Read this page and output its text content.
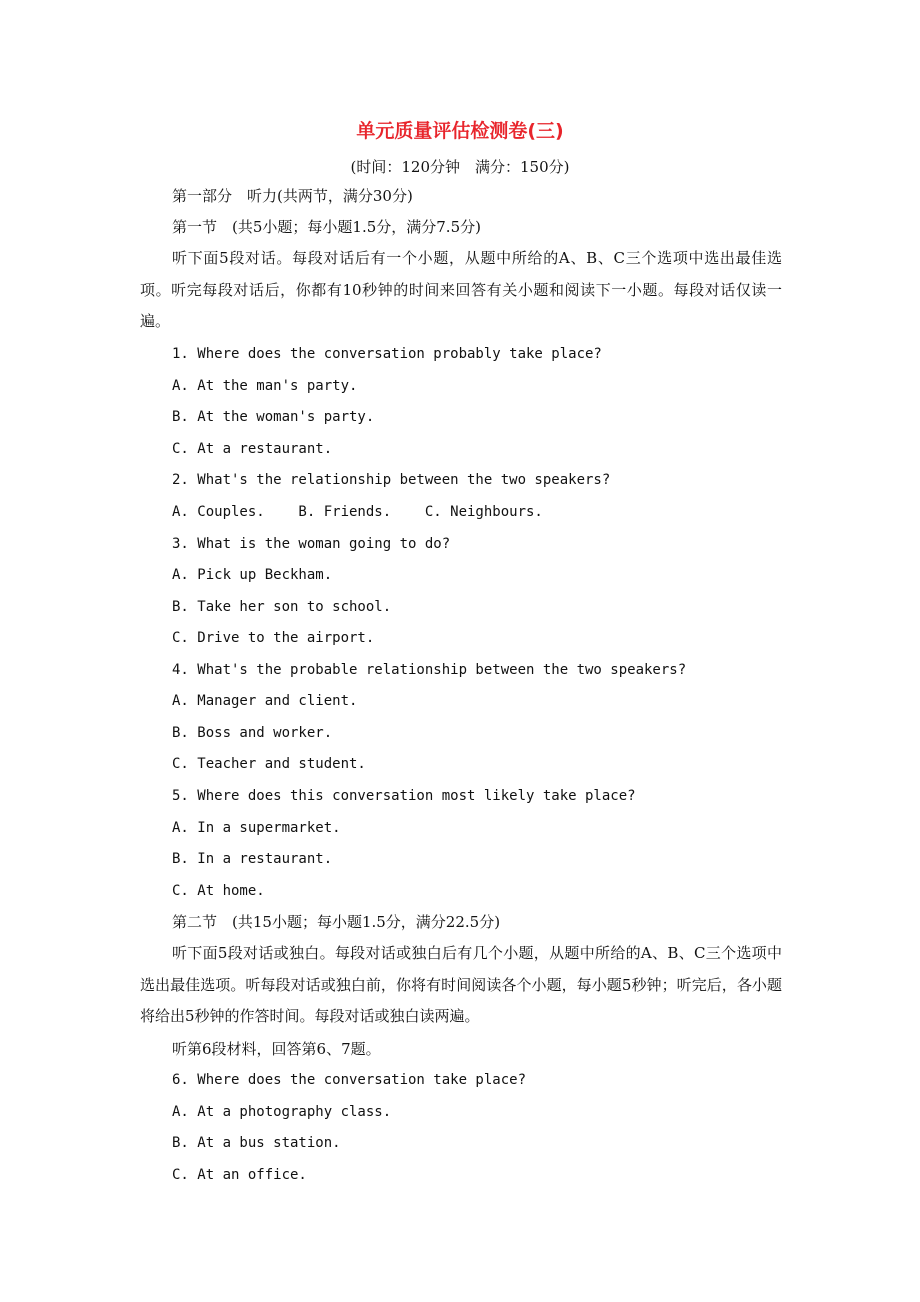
单元质量评估检测卷(三)
(时间：120分钟　满分：150分)
第一部分　听力(共两节，满分30分)
第一节　(共5小题；每小题1.5分，满分7.5分)
听下面5段对话。每段对话后有一个小题，从题中所给的A、B、C三个选项中选出最佳选项。听完每段对话后，你都有10秒钟的时间来回答有关小题和阅读下一小题。每段对话仅读一遍。
1. Where does the conversation probably take place?
A. At the man's party.
B. At the woman's party.
C. At a restaurant.
2. What's the relationship between the two speakers?
A. Couples.    B. Friends.    C. Neighbours.
3. What is the woman going to do?
A. Pick up Beckham.
B. Take her son to school.
C. Drive to the airport.
4. What's the probable relationship between the two speakers?
A. Manager and client.
B. Boss and worker.
C. Teacher and student.
5. Where does this conversation most likely take place?
A. In a supermarket.
B. In a restaurant.
C. At home.
第二节　(共15小题；每小题1.5分，满分22.5分)
听下面5段对话或独白。每段对话或独白后有几个小题，从题中所给的A、B、C三个选项中选出最佳选项。听每段对话或独白前，你将有时间阅读各个小题，每小题5秒钟；听完后，各小题将给出5秒钟的作答时间。每段对话或独白读两遍。
听第6段材料，回答第6、7题。
6. Where does the conversation take place?
A. At a photography class.
B. At a bus station.
C. At an office.
